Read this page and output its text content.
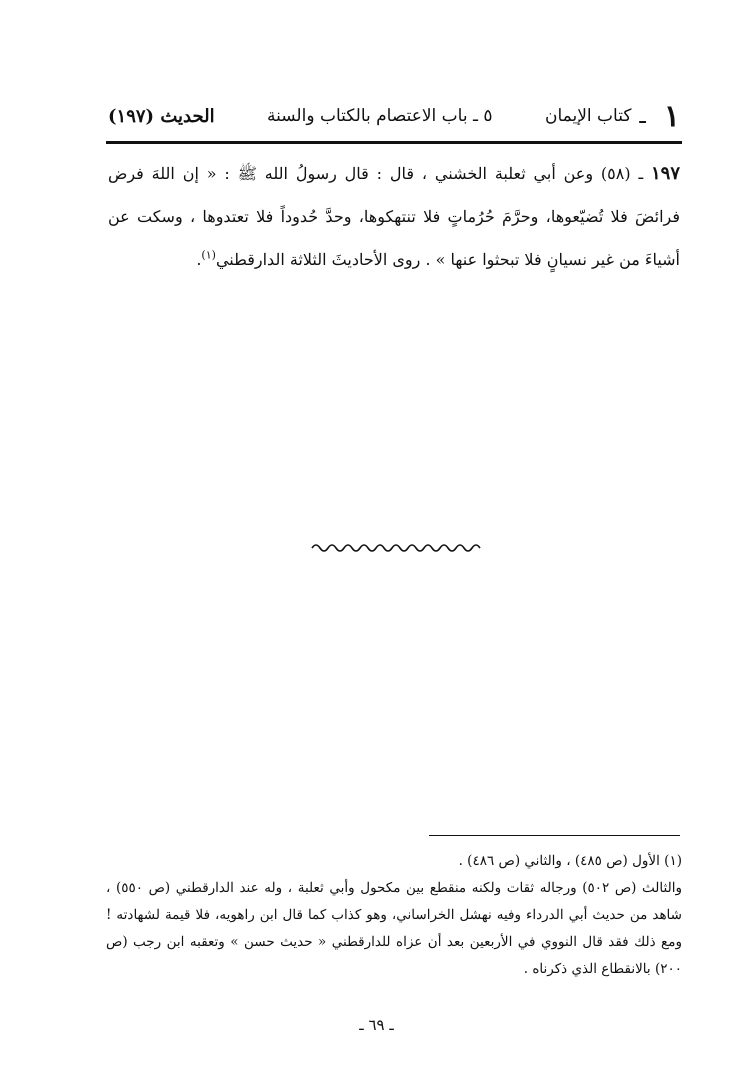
١
ـ
كتاب الإيمان
٥ ـ باب الاعتصام بالكتاب والسنة
الحديث (١٩٧)
١٩٧ ـ (٥٨) وعن أبي ثعلبة الخشني ، قال : قال رسولُ الله ﷺ : « إن اللهَ فرض فرائضَ فلا تُضيّعوها، وحرَّمَ حُرُماتٍ فلا تنتهكوها، وحدَّ حُدوداً فلا تعتدوها ، وسكت عن أشياءَ من غير نسيانٍ فلا تبحثوا عنها » . روى الأحاديثَ الثلاثة الدارقطني$^{(١)}$.

(١) الأول (ص ٤٨٥) ، والثاني (ص ٤٨٦) .

والثالث (ص ٥٠٢) ورجاله ثقات ولكنه منقطع بين مكحول وأبي ثعلبة ، وله عند الدارقطني (ص ٥٥٠) ، شاهد من حديث أبي الدرداء وفيه نهشل الخراساني، وهو كذاب كما قال ابن راهويه، فلا قيمة لشهادته ! ومع ذلك فقد قال النووي في الأربعين بعد أن عزاه للدارقطني « حديث حسن » وتعقبه ابن رجب (ص ٢٠٠) بالانقطاع الذي ذكرناه .

ـ ٦٩ ـ
